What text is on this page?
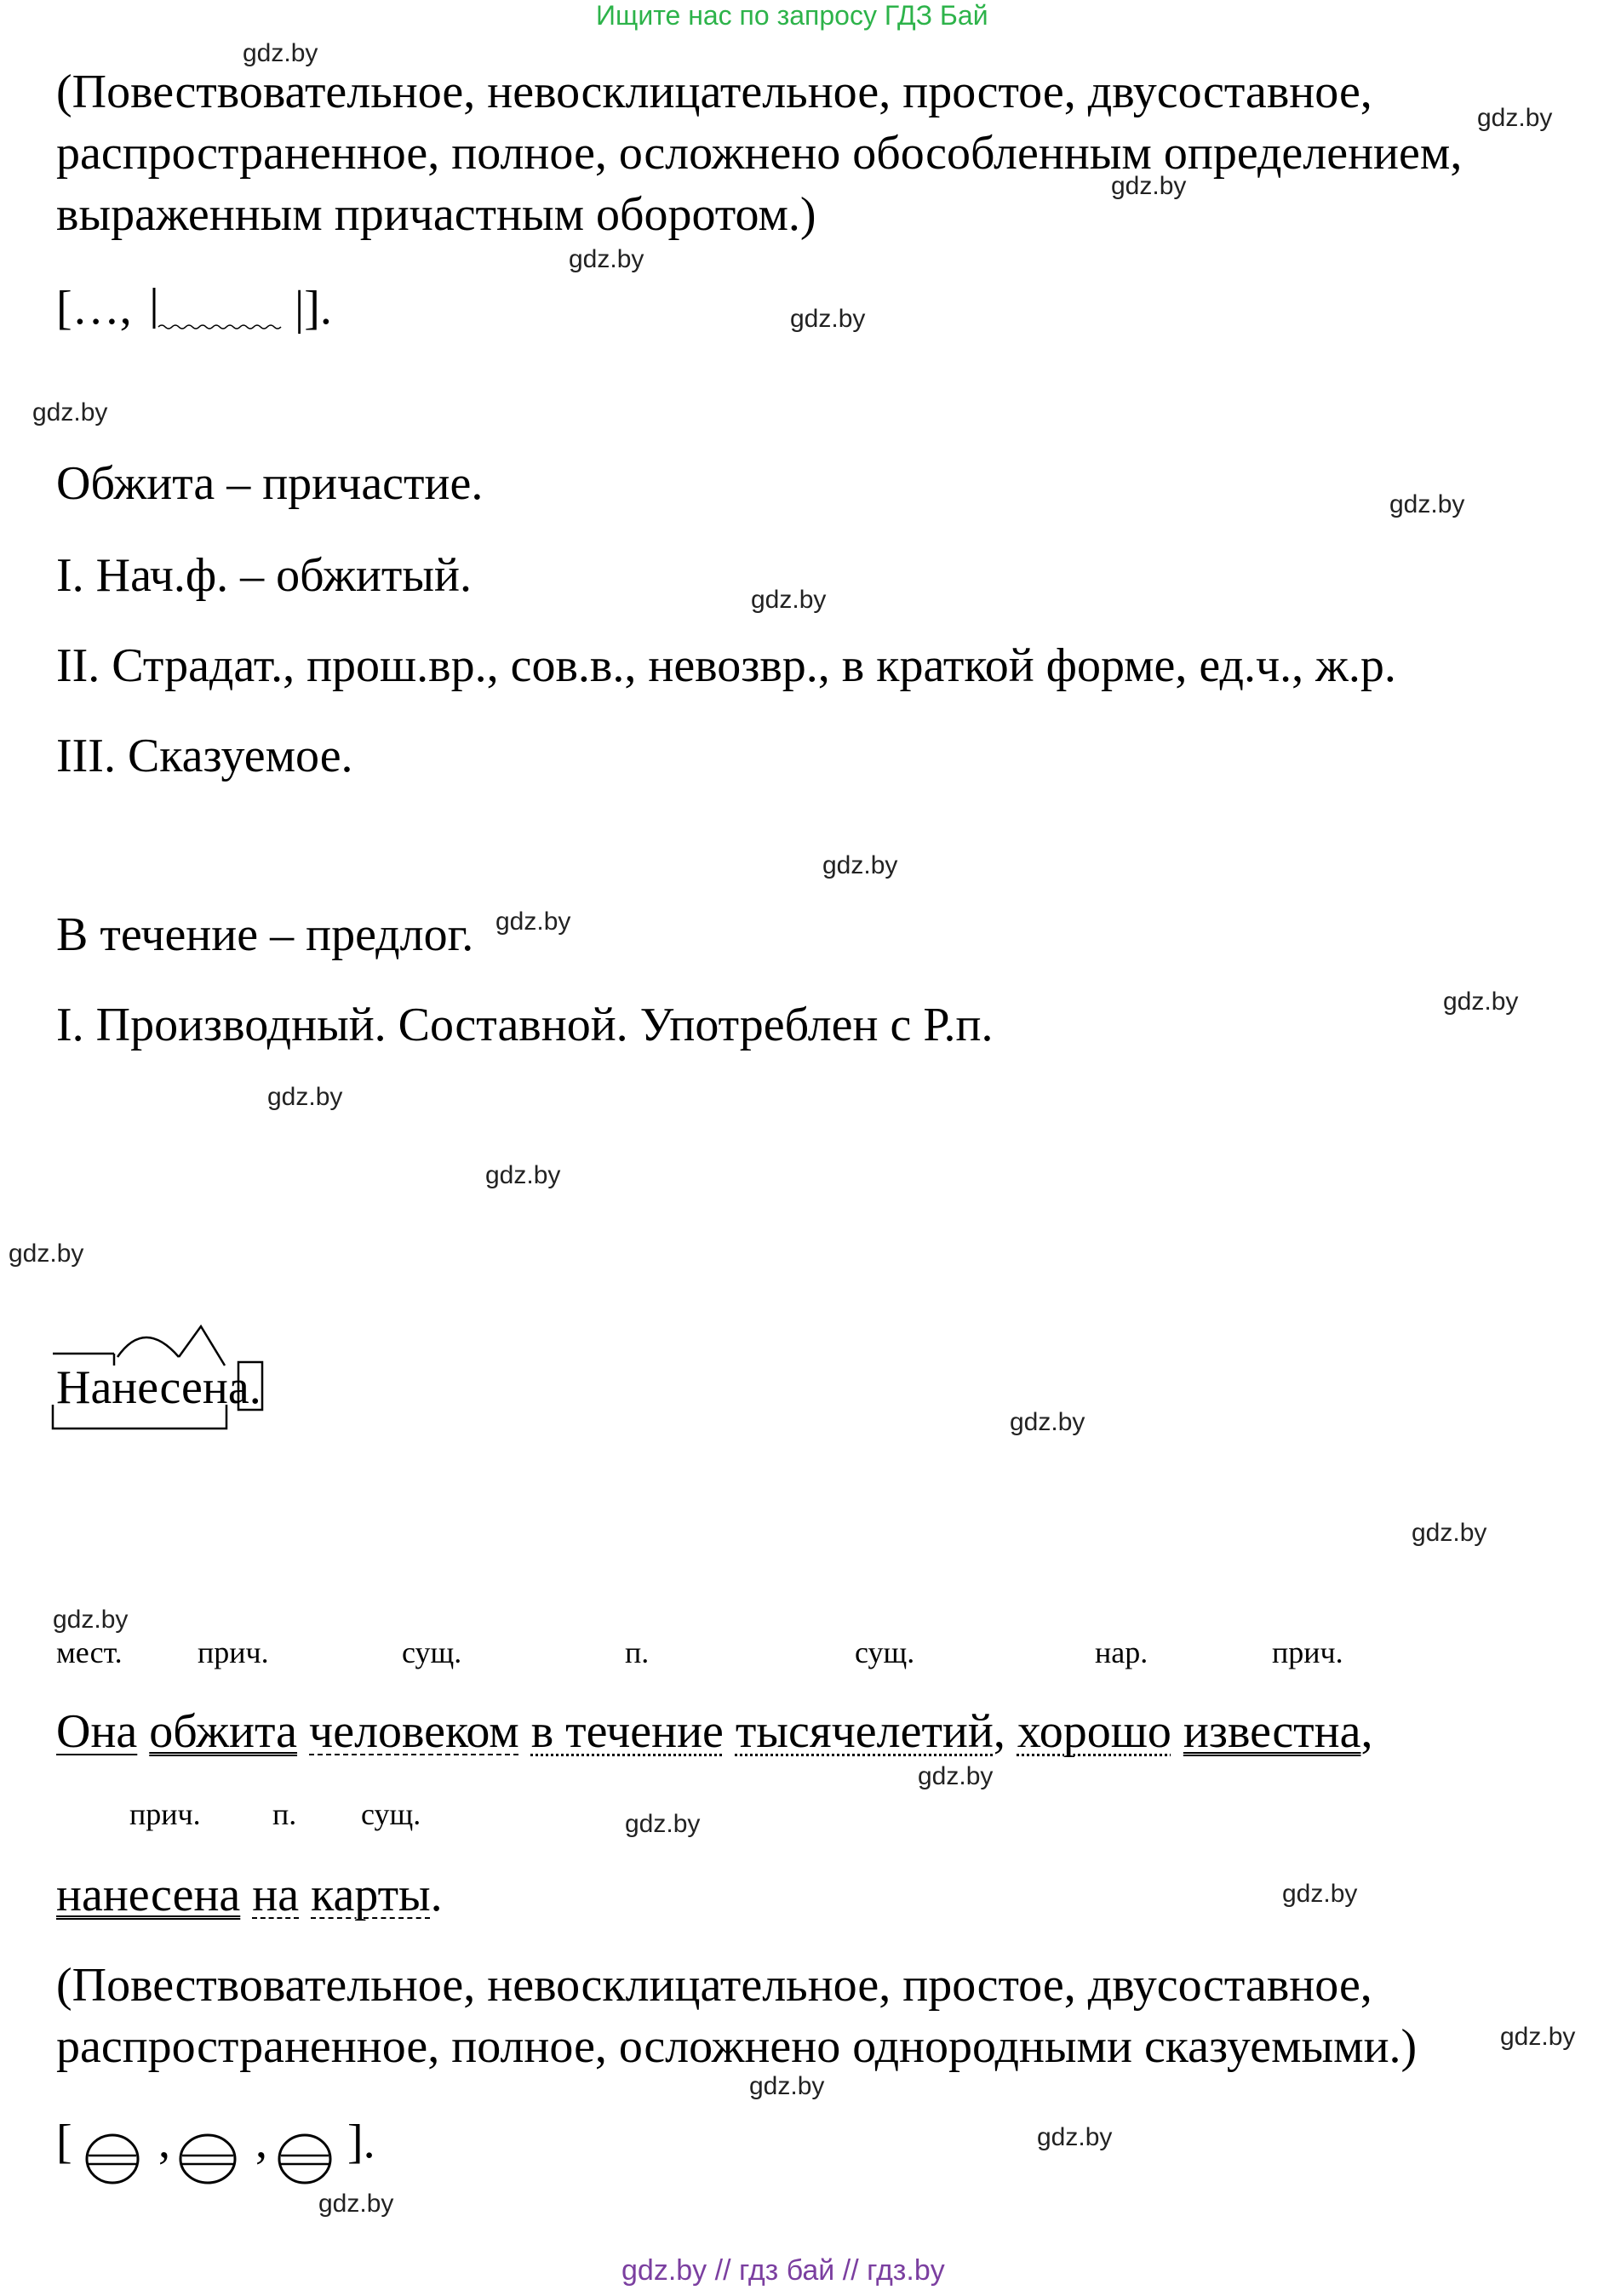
Ищите нас по запросу ГДЗ Бай
gdz.by
gdz.by
gdz.by
gdz.by
gdz.by
gdz.by
gdz.by
gdz.by
gdz.by
gdz.by
gdz.by
gdz.by
gdz.by
gdz.by
gdz.by
gdz.by
gdz.by
gdz.by
gdz.by
gdz.by
gdz.by
gdz.by
gdz.by
gdz.by
(Повествовательное, невосклицательное, простое, двусоставное,
распространенное, полное, осложнено обособленным определением,
выраженным причастным оборотом.)
[…,	|].
Обжита – причастие.
I. Нач.ф. – обжитый.
II. Страдат., прош.вр., сов.в., невозвр., в краткой форме, ед.ч., ж.р.
III. Сказуемое.
В течение – предлог.
I. Производный. Составной. Употреблен с Р.п.
Нанесена.
мест. прич.	сущ.	п.	сущ.	нар.	прич.
Она обжита человеком в течение тысячелетий, хорошо известна,
прич. п. сущ.
нанесена на карты.
(Повествовательное, невосклицательное, простое, двусоставное,
распространенное, полное, осложнено однородными сказуемыми.)
[ , , ].
gdz.by // гдз бай // гдз.by
